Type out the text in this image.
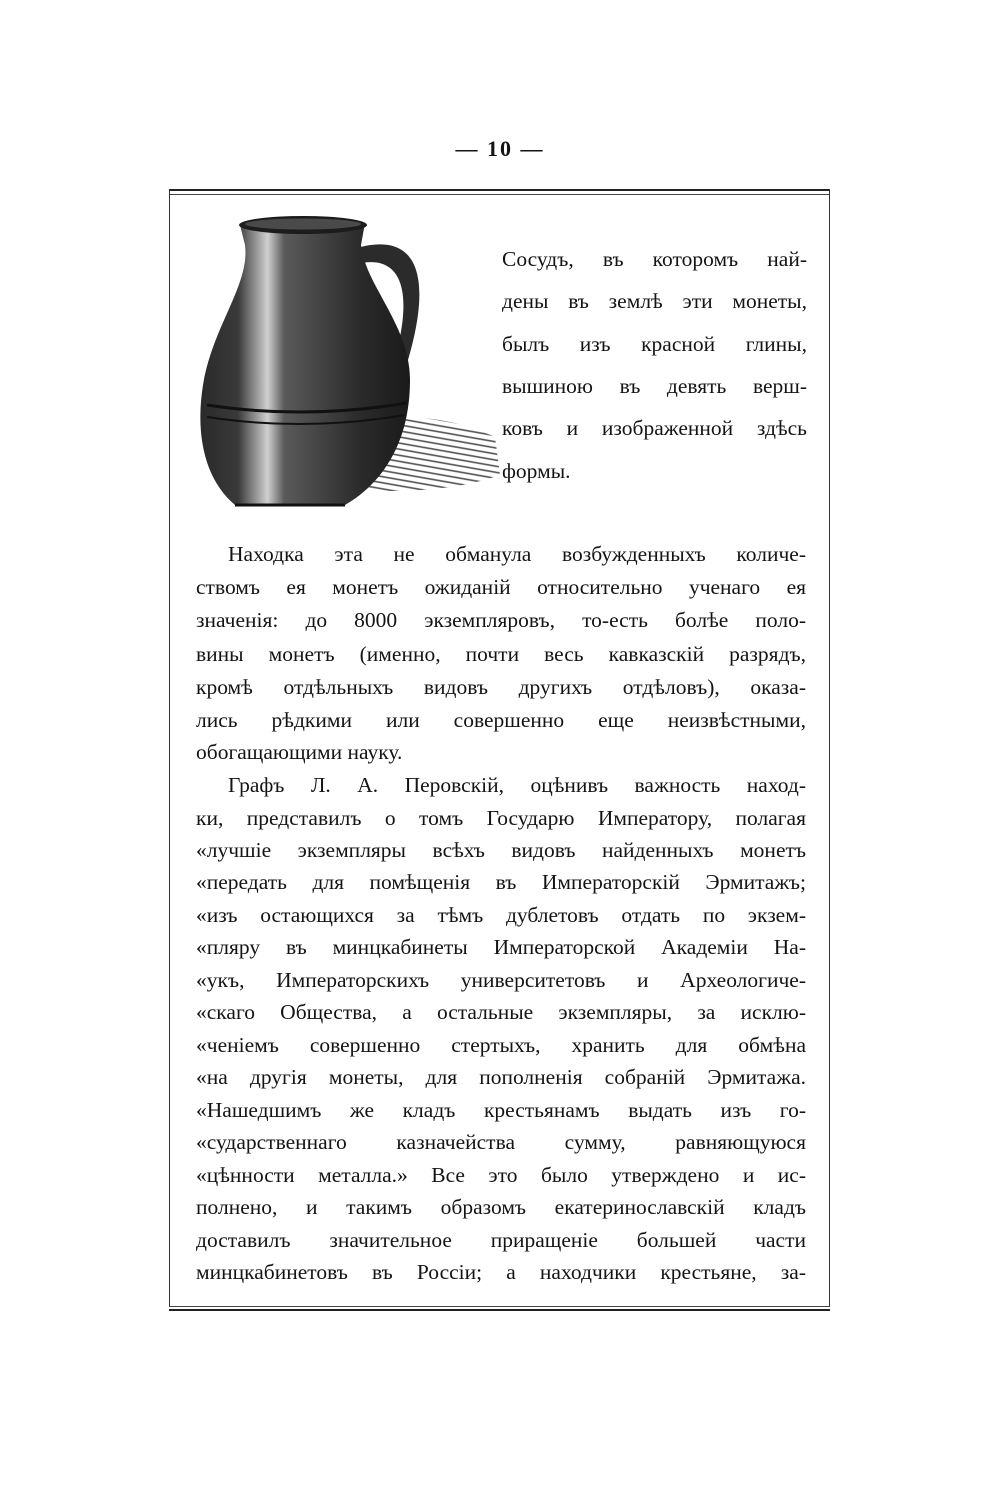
— 10 —
Сосудъ, въ которомъ най-
дены въ землѣ эти монеты,
былъ изъ красной глины,
вышиною въ девять верш-
ковъ и изображенной здѣсь
формы.
Находка эта не обманула возбужденныхъ количе-
ствомъ ея монетъ ожиданій относительно ученаго ея
значенія: до 8000 экземпляровъ, то-есть болѣе поло-
вины монетъ (именно, почти весь кавказскій разрядъ,
кромѣ отдѣльныхъ видовъ другихъ отдѣловъ), оказа-
лись рѣдкими или совершенно еще неизвѣстными,
обогащающими науку.
Графъ Л. А. Перовскій, оцѣнивъ важность наход-
ки, представилъ о томъ Государю Императору, полагая
«лучшіе экземпляры всѣхъ видовъ найденныхъ монетъ
«передать для помѣщенія въ Императорскій Эрмитажъ;
«изъ остающихся за тѣмъ дублетовъ отдать по экзем-
«пляру въ минцкабинеты Императорской Академіи На-
«укъ, Императорскихъ университетовъ и Археологиче-
«скаго Общества, а остальные экземпляры, за исклю-
«ченіемъ совершенно стертыхъ, хранить для обмѣна
«на другія монеты, для пополненія собраній Эрмитажа.
«Нашедшимъ же кладъ крестьянамъ выдать изъ го-
«сударственнаго казначейства сумму, равняющуюся
«цѣнности металла.» Все это было утверждено и ис-
полнено, и такимъ образомъ екатеринославскій кладъ
доставилъ значительное приращеніе большей части
минцкабинетовъ въ Россіи; а находчики крестьяне, за-
